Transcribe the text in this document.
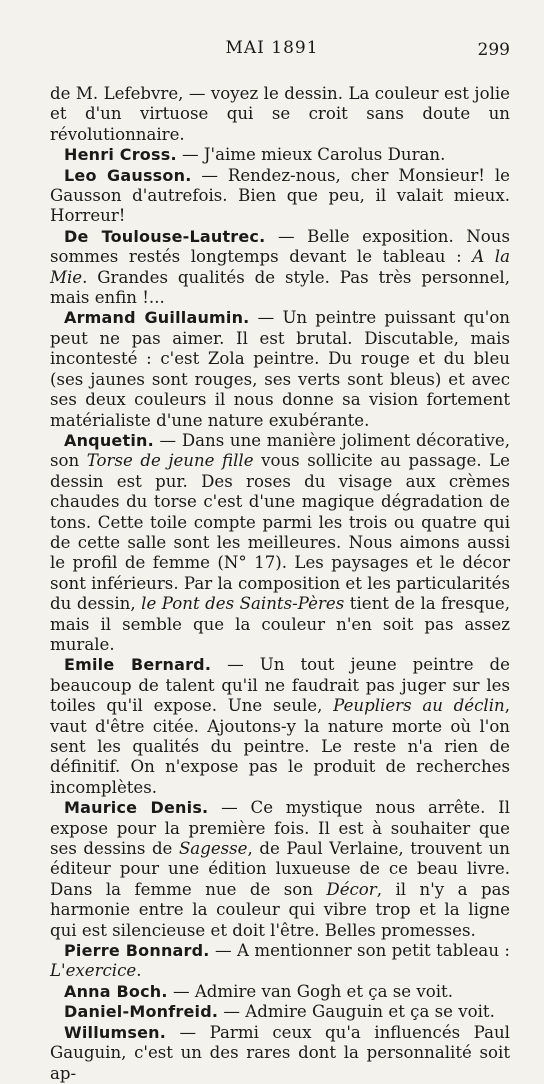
MAI 1891	299

de M. Lefebvre, — voyez le dessin. La couleur est jolie et d'un virtuose qui se croit sans doute un révolutionnaire.

Henri Cross. — J'aime mieux Carolus Duran.

Leo Gausson. — Rendez-nous, cher Monsieur! le Gausson d'autrefois. Bien que peu, il valait mieux. Horreur!

De Toulouse-Lautrec. — Belle exposition. Nous sommes restés longtemps devant le tableau : A la Mie. Grandes qualités de style. Pas très personnel, mais enfin !...

Armand Guillaumin. — Un peintre puissant qu'on peut ne pas aimer. Il est brutal. Discutable, mais incontesté : c'est Zola peintre. Du rouge et du bleu (ses jaunes sont rouges, ses verts sont bleus) et avec ses deux couleurs il nous donne sa vision fortement matérialiste d'une nature exubérante.

Anquetin. — Dans une manière joliment décorative, son Torse de jeune fille vous sollicite au passage. Le dessin est pur. Des roses du visage aux crèmes chaudes du torse c'est d'une magique dégradation de tons. Cette toile compte parmi les trois ou quatre qui de cette salle sont les meilleures. Nous aimons aussi le profil de femme (N° 17). Les paysages et le décor sont inférieurs. Par la composition et les particularités du dessin, le Pont des Saints-Pères tient de la fresque, mais il semble que la couleur n'en soit pas assez murale.

Emile Bernard. — Un tout jeune peintre de beaucoup de talent qu'il ne faudrait pas juger sur les toiles qu'il expose. Une seule, Peupliers au déclin, vaut d'être citée. Ajoutons-y la nature morte où l'on sent les qualités du peintre. Le reste n'a rien de définitif. On n'expose pas le produit de recherches incomplètes.

Maurice Denis. — Ce mystique nous arrête. Il expose pour la première fois. Il est à souhaiter que ses dessins de Sagesse, de Paul Verlaine, trouvent un éditeur pour une édition luxueuse de ce beau livre. Dans la femme nue de son Décor, il n'y a pas harmonie entre la couleur qui vibre trop et la ligne qui est silencieuse et doit l'être. Belles promesses.

Pierre Bonnard. — A mentionner son petit tableau : L'exercice.

Anna Boch. — Admire van Gogh et ça se voit.

Daniel-Monfreid. — Admire Gauguin et ça se voit.

Willumsen. — Parmi ceux qu'a influencés Paul Gauguin, c'est un des rares dont la personnalité soit ap-
